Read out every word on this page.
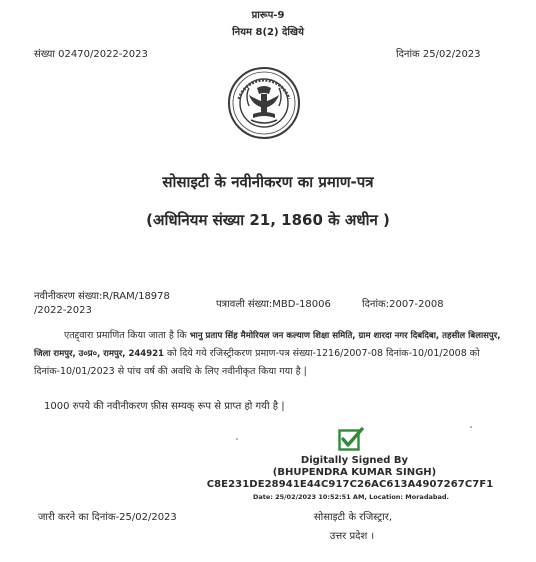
प्रारूप-9
नियम 8(2) देखिये
संख्या 02470/2022-2023	दिनांक 25/02/2023
सोसाइटी के नवीनीकरण का प्रमाण-पत्र
(अधिनियम संख्या 21, 1860 के अधीन )
नवीनीकरण संख्या:R/RAM/18978 /2022-2023
पत्रावली संख्या:MBD-18006	दिनांक:2007-2008
एतद्द्वारा प्रमाणित किया जाता है कि भानु प्रताप सिंह मैमोरियल जन कल्याण शिक्षा समिति, ग्राम शारदा नगर दिबदिबा, तहसील बिलासपुर, जिला रामपुर, उ०प्र०, रामपुर, 244921 को दिये गये रजिस्ट्रीकरण प्रमाण-पत्र संख्या-1216/2007-08 दिनांक-10/01/2008 को दिनांक-10/01/2023 से पांच वर्ष की अवधि के लिए नवीनीकृत किया गया है |
1000 रुपये की नवीनीकरण फ़ीस सम्यक् रूप से प्राप्त हो गयी है |
Digitally Signed By
(BHUPENDRA KUMAR SINGH)
C8E231DE28941E44C917C26AC613A4907267C7F1
Date: 25/02/2023 10:52:51 AM, Location: Moradabad.
जारी करने का दिनांक-25/02/2023	सोसाइटी के रजिस्ट्रार,
उत्तर प्रदेश ।
